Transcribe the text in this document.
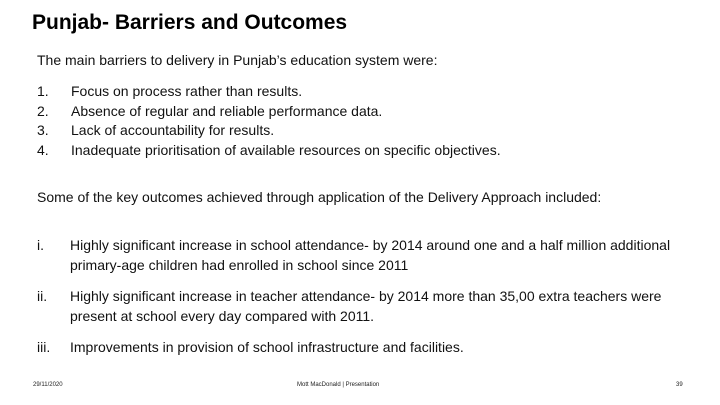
Punjab- Barriers and Outcomes
The main barriers to delivery in Punjab’s education system were:
1. Focus on process rather than results.
2. Absence of regular and reliable performance data.
3. Lack of accountability for results.
4. Inadequate prioritisation of available resources on specific objectives.
Some of the key outcomes achieved through application of the Delivery Approach included:
i. Highly significant increase in school attendance- by 2014 around one and a half million additional primary-age children had enrolled in school since 2011
ii. Highly significant increase in teacher attendance- by 2014 more than 35,00 extra teachers were present at school every day compared with 2011.
iii. Improvements in provision of school infrastructure and facilities.
29/11/2020	Mott MacDonald | Presentation	39
